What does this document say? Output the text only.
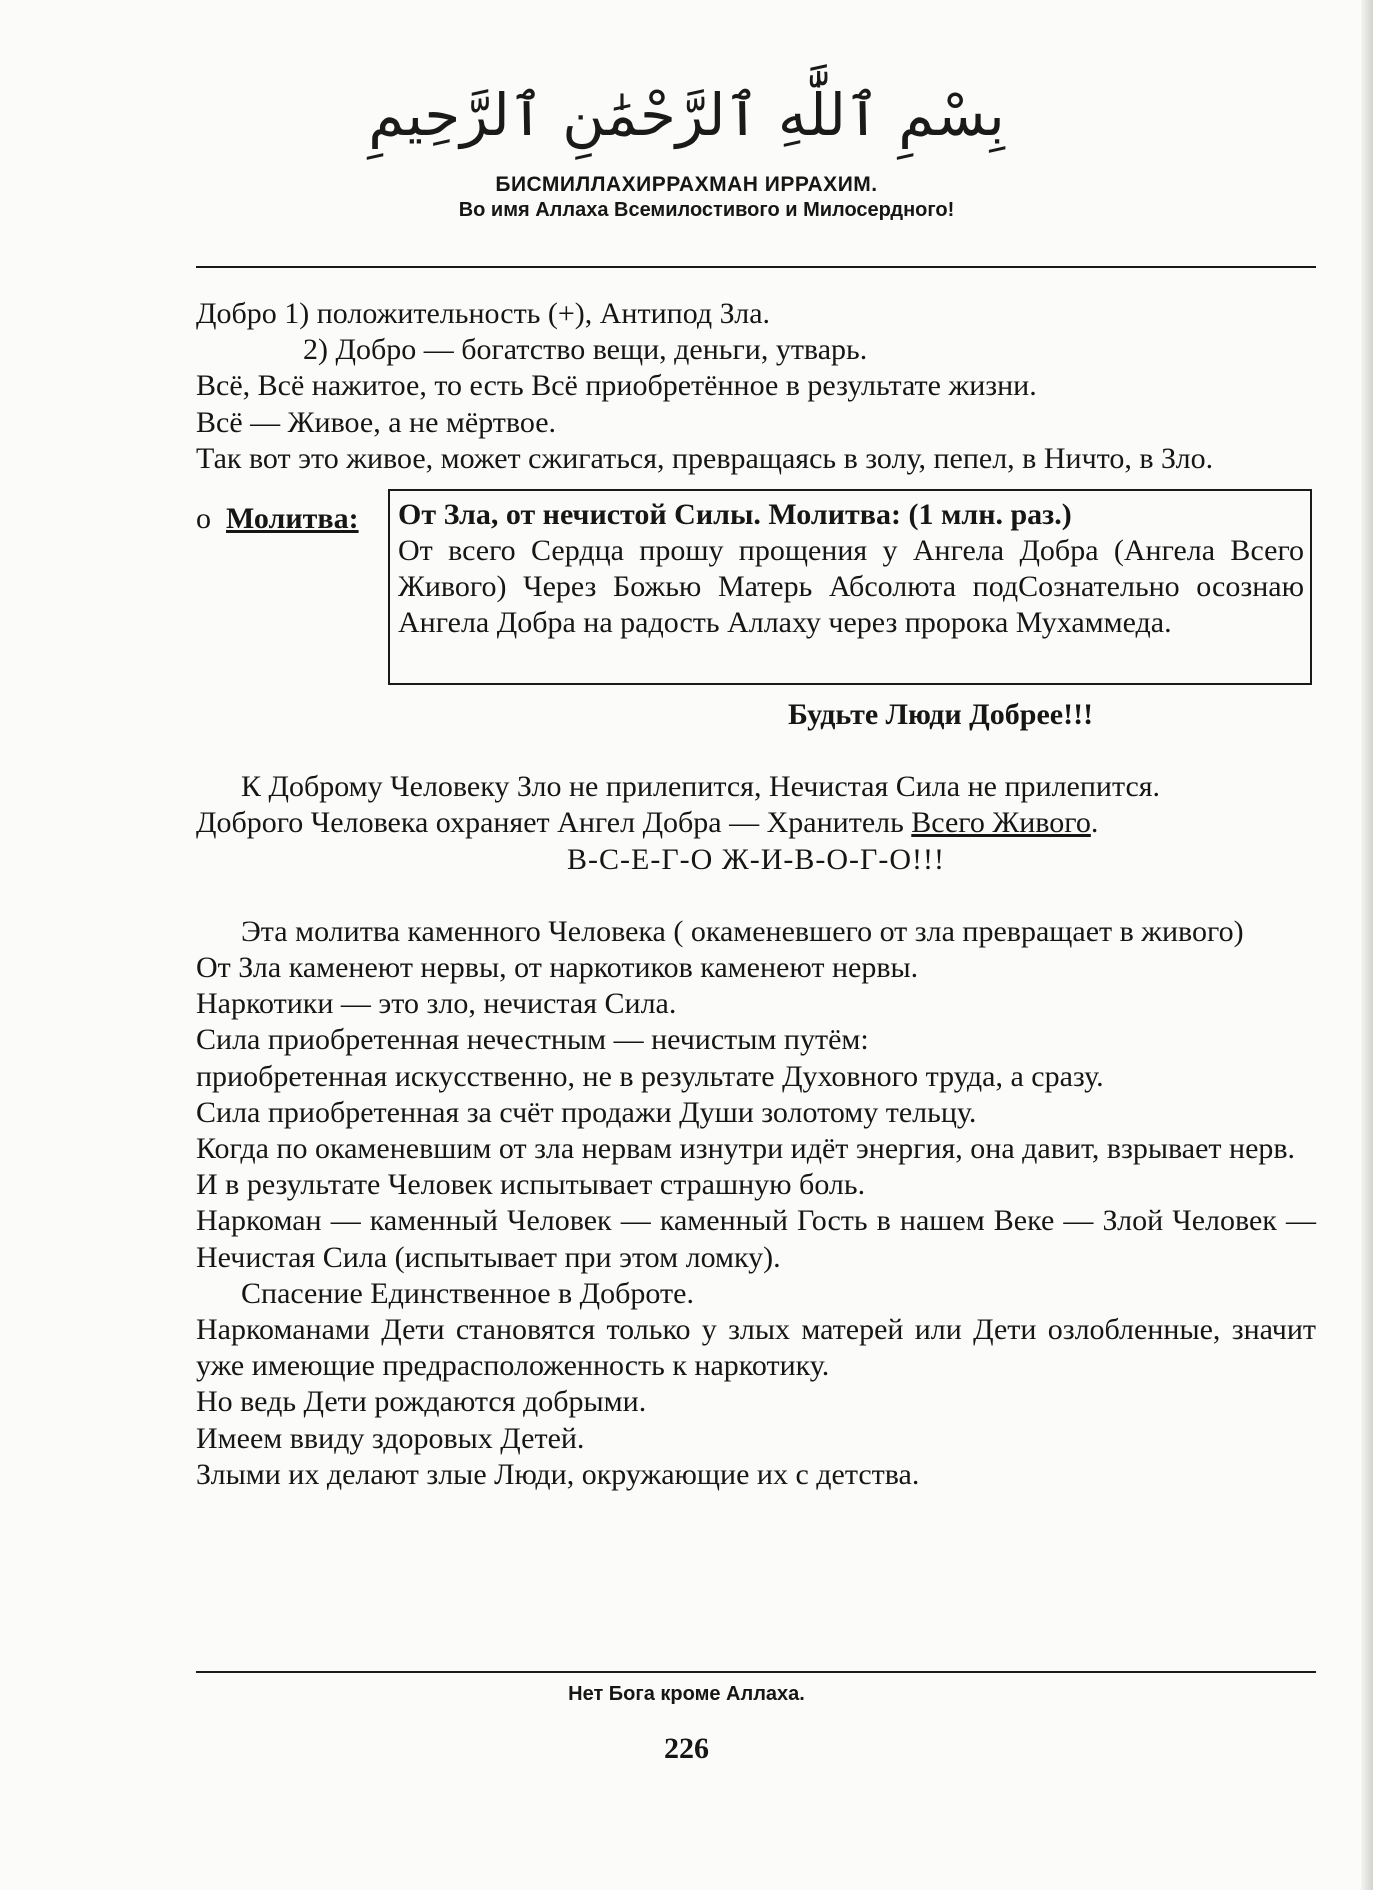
بِسْمِ ٱللَّٰهِ ٱلرَّحْمَٰنِ ٱلرَّحِيمِ
БИСМИЛЛАХИРРАХМАН ИРРАХИМ.
Во имя Аллаха Всемилостивого и Милосердного!

Добро 1) положительность (+), Антипод Зла.

2) Добро — богатство вещи, деньги, утварь.

Всё, Всё нажитое, то есть Всё приобретённое в результате жизни.

Всё — Живое, а не мёртвое.

Так вот это живое, может сжигаться, превращаясь в золу, пепел, в Ничто, в Зло.

o Молитва: От Зла, от нечистой Силы. Молитва: (1 млн. раз.)
От всего Сердца прошу прощения у Ангела Добра (Ангела Всего Живого) Через Божью Матерь Абсолюта подСознательно осознаю Ангела Добра на радость Аллаху через пророка Мухаммеда.

Будьте Люди Добрее!!!

К Доброму Человеку Зло не прилепится, Нечистая Сила не прилепится.

Доброго Человека охраняет Ангел Добра — Хранитель Всего Живого.

В-С-Е-Г-О Ж-И-В-О-Г-О!!!

Эта молитва каменного Человека ( окаменевшего от зла превращает в живого)

От Зла каменеют нервы, от наркотиков каменеют нервы.

Наркотики — это зло, нечистая Сила.

Сила приобретенная нечестным — нечистым путём:

приобретенная искусственно, не в результате Духовного труда, а сразу.

Сила приобретенная за счёт продажи Души золотому тельцу.

Когда по окаменевшим от зла нервам изнутри идёт энергия, она давит, взрывает нерв.

И в результате Человек испытывает страшную боль.

Наркоман — каменный Человек — каменный Гость в нашем Веке — Злой Человек — Нечистая Сила (испытывает при этом ломку).

Спасение Единственное в Доброте.

Наркоманами Дети становятся только у злых матерей или Дети озлобленные, значит уже имеющие предрасположенность к наркотику.

Но ведь Дети рождаются добрыми.

Имеем ввиду здоровых Детей.

Злыми их делают злые Люди, окружающие их с детства.

Нет Бога кроме Аллаха.
226
